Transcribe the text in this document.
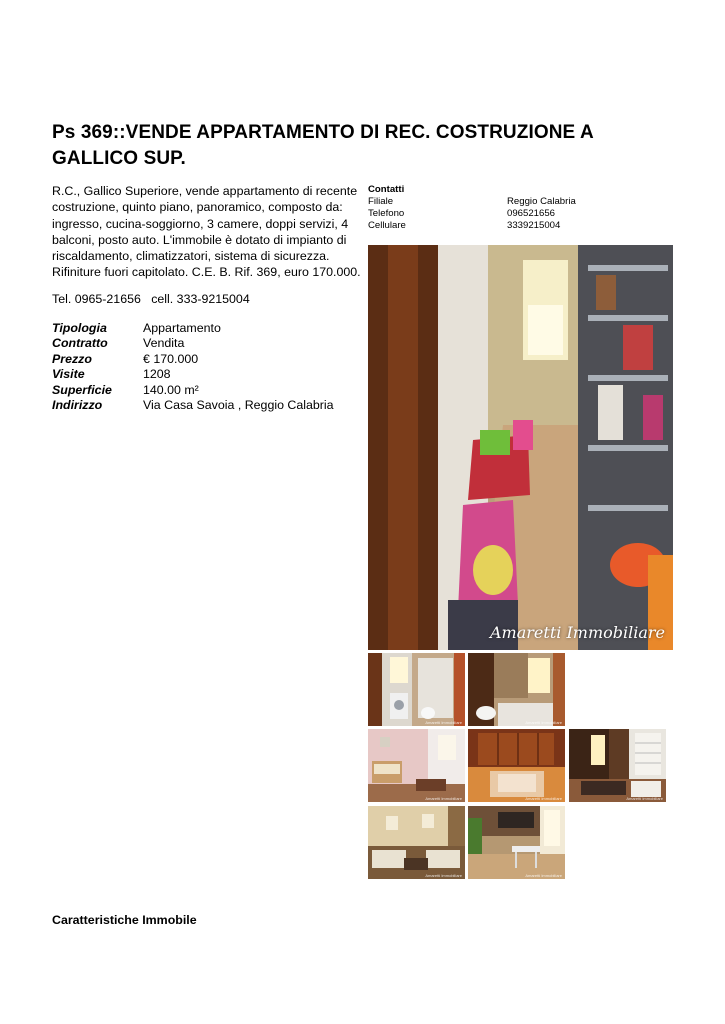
Ps 369::VENDE APPARTAMENTO DI REC. COSTRUZIONE A
GALLICO SUP.

R.C., Gallico Superiore, vende appartamento di recente costruzione, quinto piano, panoramico, composto da: ingresso, cucina-soggiorno, 3 camere, doppi servizi, 4 balconi, posto auto. L'immobile è dotato di impianto di riscaldamento, climatizzatori, sistema di sicurezza. Rifiniture fuori capitolato. C.E. B. Rif. 369, euro 170.000.

Tel. 0965-21656   cell. 333-9215004

Tipologia	Appartamento
Contratto	Vendita
Prezzo	€ 170.000
Visite	1208
Superficie	140.00 m²
Indirizzo	Via Casa Savoia , Reggio Calabria
Contatti
Filiale	Reggio Calabria
Telefono	096521656
Cellulare	3339215004
Amaretti Immobiliare
Amaretti Immobiliare	Amaretti Immobiliare
Amaretti Immobiliare	Amaretti Immobiliare	Amaretti Immobiliare
Amaretti Immobiliare	Amaretti Immobiliare
Caratteristiche Immobile
